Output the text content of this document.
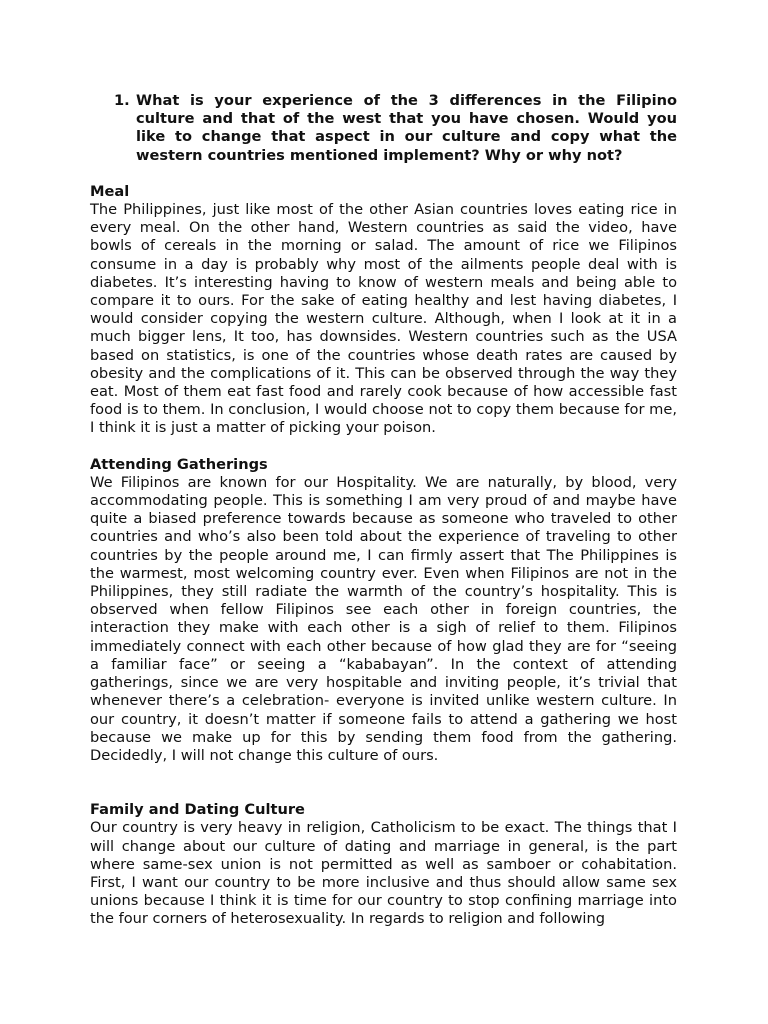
1. What is your experience of the 3 differences in the Filipino culture and that of the west that you have chosen. Would you like to change that aspect in our culture and copy what the western countries mentioned implement? Why or why not?

Meal

The Philippines, just like most of the other Asian countries loves eating rice in every meal. On the other hand, Western countries as said the video, have bowls of cereals in the morning or salad. The amount of rice we Filipinos consume in a day is probably why most of the ailments people deal with is diabetes. It’s interesting having to know of western meals and being able to compare it to ours. For the sake of eating healthy and lest having diabetes, I would consider copying the western culture. Although, when I look at it in a much bigger lens, It too, has downsides. Western countries such as the USA based on statistics, is one of the countries whose death rates are caused by obesity and the complications of it. This can be observed through the way they eat. Most of them eat fast food and rarely cook because of how accessible fast food is to them. In conclusion, I would choose not to copy them because for me, I think it is just a matter of picking your poison.

Attending Gatherings

We Filipinos are known for our Hospitality. We are naturally, by blood, very accommodating people. This is something I am very proud of and maybe have quite a biased preference towards because as someone who traveled to other countries and who’s also been told about the experience of traveling to other countries by the people around me, I can firmly assert that The Philippines is the warmest, most welcoming country ever. Even when Filipinos are not in the Philippines, they still radiate the warmth of the country’s hospitality. This is observed when fellow Filipinos see each other in foreign countries, the interaction they make with each other is a sigh of relief to them. Filipinos immediately connect with each other because of how glad they are for “seeing a familiar face” or seeing a “kababayan”. In the context of attending gatherings, since we are very hospitable and inviting people, it’s trivial that whenever there’s a celebration- everyone is invited unlike western culture. In our country, it doesn’t matter if someone fails to attend a gathering we host because we make up for this by sending them food from the gathering. Decidedly, I will not change this culture of ours.

Family and Dating Culture

Our country is very heavy in religion, Catholicism to be exact. The things that I will change about our culture of dating and marriage in general, is the part where same-sex union is not permitted as well as samboer or cohabitation. First, I want our country to be more inclusive and thus should allow same sex unions because I think it is time for our country to stop confining marriage into the four corners of heterosexuality. In regards to religion and following
